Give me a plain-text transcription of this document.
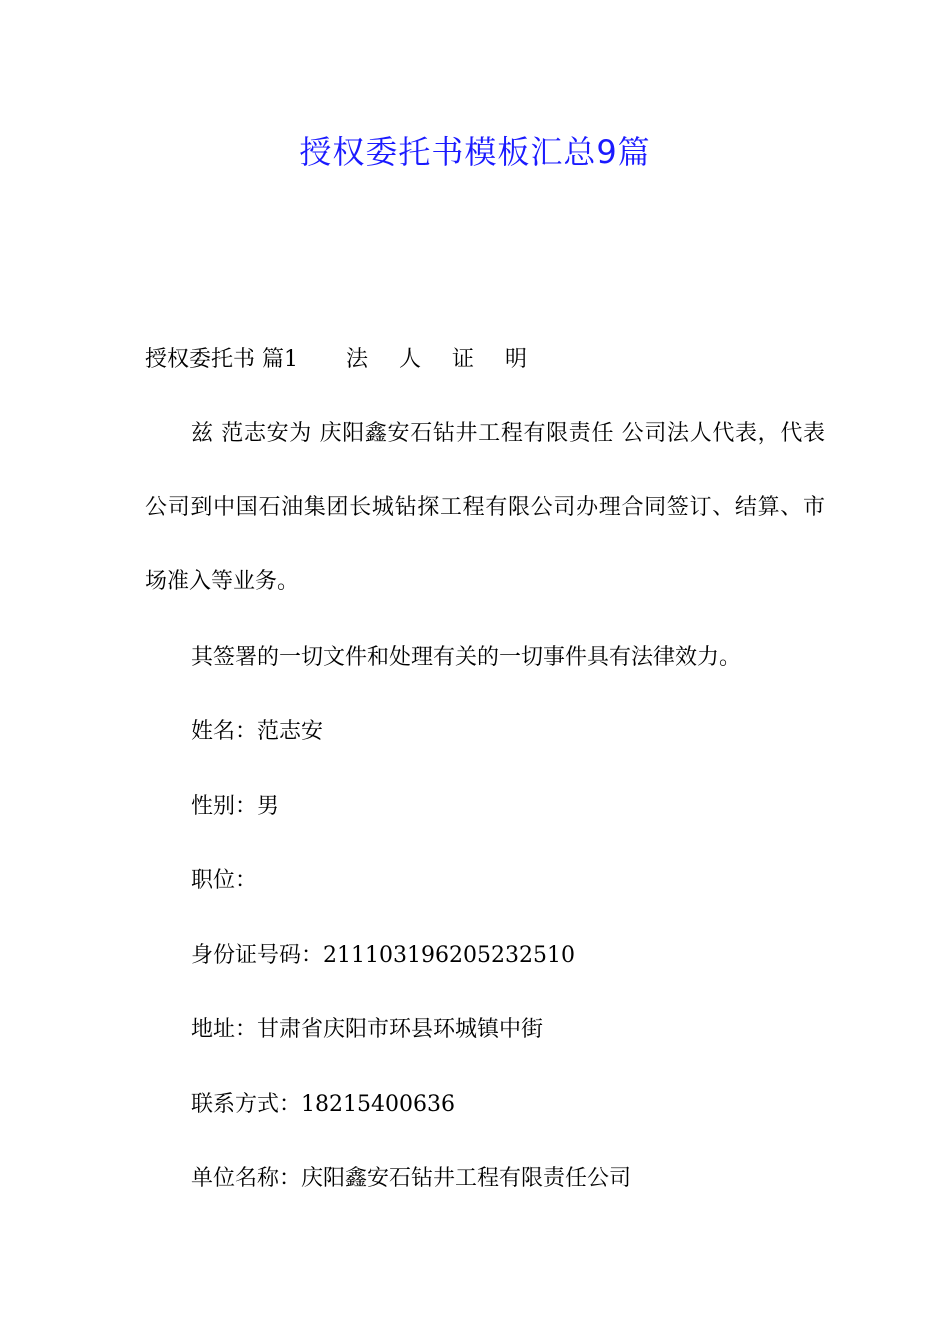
授权委托书模板汇总9篇
授权委托书 篇1 法 人 证 明

兹 范志安为 庆阳鑫安石钻井工程有限责任 公司法人代表，代表 公司到中国石油集团长城钻探工程有限公司办理合同签订、结算、市场准入等业务。

其签署的一切文件和处理有关的一切事件具有法律效力。
姓名：范志安
性别：男
职位：
身份证号码：211103196205232510
地址：甘肃省庆阳市环县环城镇中街
联系方式：18215400636
单位名称：庆阳鑫安石钻井工程有限责任公司
